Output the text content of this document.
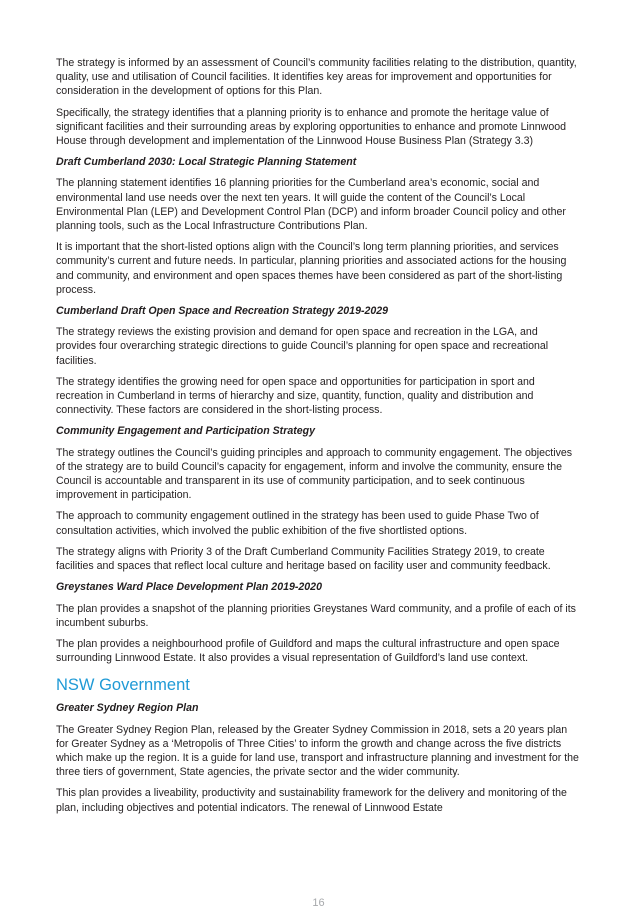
The strategy is informed by an assessment of Council’s community facilities relating to the distribution, quantity, quality, use and utilisation of Council facilities. It identifies key areas for improvement and opportunities for consideration in the development of options for this Plan.

Specifically, the strategy identifies that a planning priority is to enhance and promote the heritage value of significant facilities and their surrounding areas by exploring opportunities to enhance and promote Linnwood House through development and implementation of the Linnwood House Business Plan (Strategy 3.3)

Draft Cumberland 2030: Local Strategic Planning Statement

The planning statement identifies 16 planning priorities for the Cumberland area’s economic, social and environmental land use needs over the next ten years. It will guide the content of the Council’s Local Environmental Plan (LEP) and Development Control Plan (DCP) and inform broader Council policy and other planning tools, such as the Local Infrastructure Contributions Plan.

It is important that the short-listed options align with the Council’s long term planning priorities, and services community’s current and future needs. In particular, planning priorities and associated actions for the housing and community, and environment and open spaces themes have been considered as part of the short-listing process.

Cumberland Draft Open Space and Recreation Strategy 2019-2029

The strategy reviews the existing provision and demand for open space and recreation in the LGA, and provides four overarching strategic directions to guide Council’s planning for open space and recreational facilities.

The strategy identifies the growing need for open space and opportunities for participation in sport and recreation in Cumberland in terms of hierarchy and size, quantity, function, quality and distribution and connectivity. These factors are considered in the short-listing process.

Community Engagement and Participation Strategy

The strategy outlines the Council’s guiding principles and approach to community engagement. The objectives of the strategy are to build Council’s capacity for engagement, inform and involve the community, ensure the Council is accountable and transparent in its use of community participation, and to seek continuous improvement in participation.

The approach to community engagement outlined in the strategy has been used to guide Phase Two of consultation activities, which involved the public exhibition of the five shortlisted options.

The strategy aligns with Priority 3 of the Draft Cumberland Community Facilities Strategy 2019, to create facilities and spaces that reflect local culture and heritage based on facility user and community feedback.

Greystanes Ward Place Development Plan 2019-2020

The plan provides a snapshot of the planning priorities Greystanes Ward community, and a profile of each of its incumbent suburbs.

The plan provides a neighbourhood profile of Guildford and maps the cultural infrastructure and open space surrounding Linnwood Estate. It also provides a visual representation of Guildford’s land use context.

NSW Government
Greater Sydney Region Plan

The Greater Sydney Region Plan, released by the Greater Sydney Commission in 2018, sets a 20 years plan for Greater Sydney as a ‘Metropolis of Three Cities’ to inform the growth and change across the five districts which make up the region. It is a guide for land use, transport and infrastructure planning and investment for the three tiers of government, State agencies, the private sector and the wider community.

This plan provides a liveability, productivity and sustainability framework for the delivery and monitoring of the plan, including objectives and potential indicators. The renewal of Linnwood Estate

16
